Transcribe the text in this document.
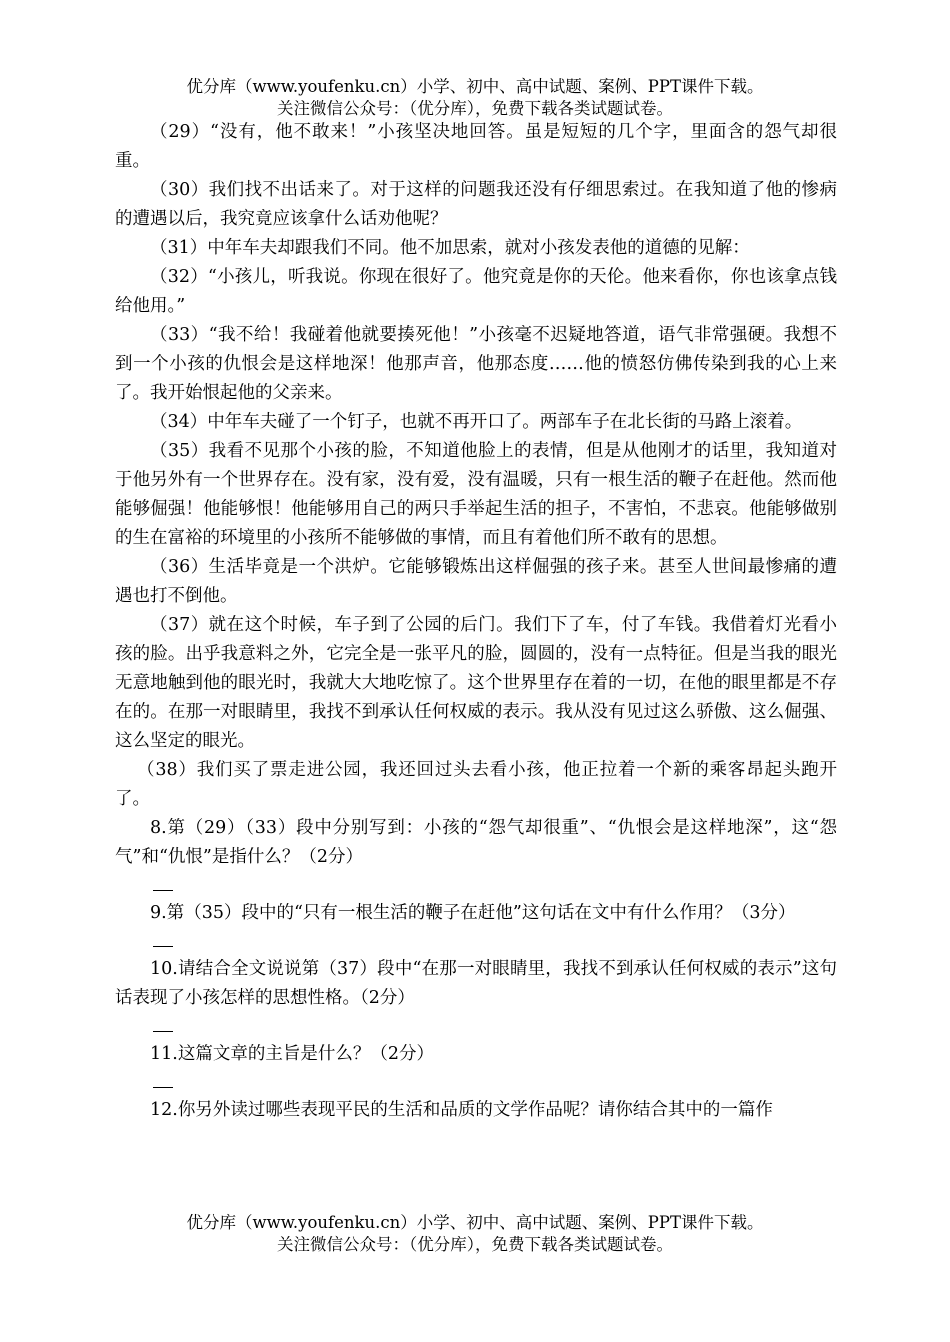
优分库（www.youfenku.cn）小学、初中、高中试题、案例、PPT课件下载。
关注微信公众号：（优分库），免费下载各类试题试卷。

（29）“没有，他不敢来！”小孩坚决地回答。虽是短短的几个字，里面含的怨气却很重。

（30）我们找不出话来了。对于这样的问题我还没有仔细思索过。在我知道了他的惨病的遭遇以后，我究竟应该拿什么话劝他呢？

（31）中年车夫却跟我们不同。他不加思索，就对小孩发表他的道德的见解：

（32）“小孩儿，听我说。你现在很好了。他究竟是你的天伦。他来看你，你也该拿点钱给他用。”

（33）“我不给！我碰着他就要揍死他！”小孩毫不迟疑地答道，语气非常强硬。我想不到一个小孩的仇恨会是这样地深！他那声音，他那态度……他的愤怒仿佛传染到我的心上来了。我开始恨起他的父亲来。

（34）中年车夫碰了一个钉子，也就不再开口了。两部车子在北长街的马路上滚着。

（35）我看不见那个小孩的脸，不知道他脸上的表情，但是从他刚才的话里，我知道对于他另外有一个世界存在。没有家，没有爱，没有温暖，只有一根生活的鞭子在赶他。然而他能够倔强！他能够恨！他能够用自己的两只手举起生活的担子，不害怕，不悲哀。他能够做别的生在富裕的环境里的小孩所不能够做的事情，而且有着他们所不敢有的思想。

（36）生活毕竟是一个洪炉。它能够锻炼出这样倔强的孩子来。甚至人世间最惨痛的遭遇也打不倒他。

（37）就在这个时候，车子到了公园的后门。我们下了车，付了车钱。我借着灯光看小孩的脸。出乎我意料之外，它完全是一张平凡的脸，圆圆的，没有一点特征。但是当我的眼光无意地触到他的眼光时，我就大大地吃惊了。这个世界里存在着的一切，在他的眼里都是不存在的。在那一对眼睛里，我找不到承认任何权威的表示。我从没有见过这么骄傲、这么倔强、这么坚定的眼光。

（38）我们买了票走进公园，我还回过头去看小孩，他正拉着一个新的乘客昂起头跑开了。

8.第（29）（33）段中分别写到：小孩的“怨气却很重”、“仇恨会是这样地深”，这“怨气”和“仇恨”是指什么？（2分）

9.第（35）段中的“只有一根生活的鞭子在赶他”这句话在文中有什么作用？（3分）

10.请结合全文说说第（37）段中“在那一对眼睛里，我找不到承认任何权威的表示”这句话表现了小孩怎样的思想性格。（2分）

11.这篇文章的主旨是什么？（2分）

12.你另外读过哪些表现平民的生活和品质的文学作品呢？请你结合其中的一篇作

优分库（www.youfenku.cn）小学、初中、高中试题、案例、PPT课件下载。
关注微信公众号：（优分库），免费下载各类试题试卷。
